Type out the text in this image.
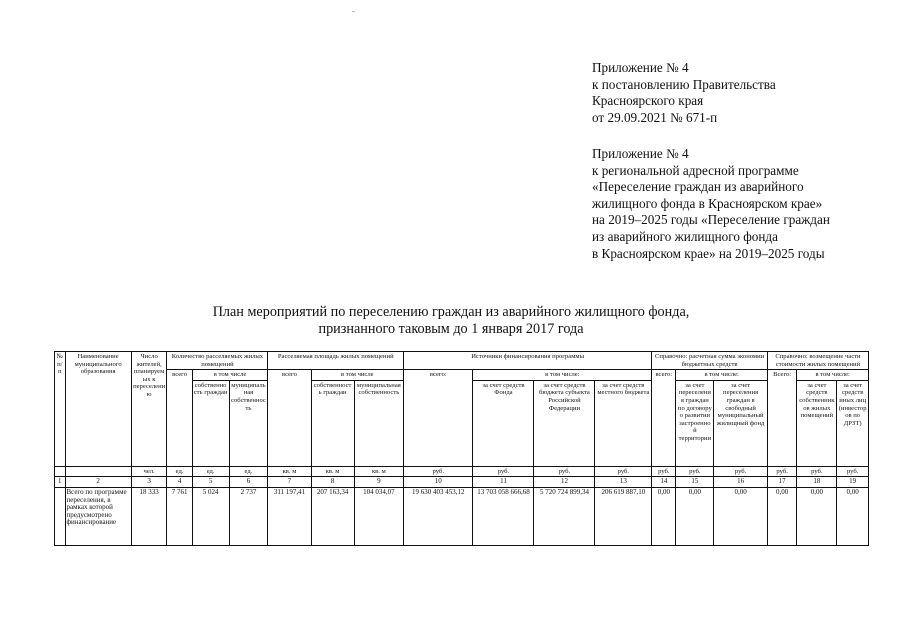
Приложение № 4
к постановлению Правительства
Красноярского края
от 29.09.2021 № 671-п
Приложение № 4
к региональной адресной программе
«Переселение граждан из аварийного
жилищного фонда в Красноярском крае»
на 2019–2025 годы «Переселение граждан
из аварийного жилищного фонда
в Красноярском крае» на 2019–2025 годы
План мероприятий по переселению граждан из аварийного жилищного фонда,
признанного таковым до 1 января 2017 года
№ п/п	Наименование муниципального образования	Число жителей, планируемых к переселению	Количество расселяемых жилых помещений			Расселяемая площадь жилых помещений			Источники финансирования программы				Справочно: расчетная сумма экономии бюджетных средств			Справочно: возмещение части стоимости жилых помещений		
			всего	в том числе		всего	в том числе		всего:	в том числе:			всего:	в том числе:		Всего:	в том числе:	
				собственность граждан	муниципальная собственность		собственность граждан	муниципальная собственность		за счет средств Фонда	за счет средств бюджета субъекта Российской Федерации	за счет средств местного бюджета		за счет переселения граждан по договору о развитии застроенной территории	за счет переселения граждан в свободный муниципальный жилищный фонд		за счет средств собственников жилых помещений	за счет средств иных лиц (инвесторов по ДРЗТ)
		чел.	ед.	ед.	ед.	кв. м	кв. м	кв. м	руб.	руб.	руб.	руб.	руб.	руб.	руб.	руб.	руб.	руб.
1	2	3	4	5	6	7	8	9	10	11	12	13	14	15	16	17	18	19
	Всего по программе переселения, в рамках которой предусмотрено финансирование	18 333	7 761	5 024	2 737	311 197,41	207 163,34	104 034,07	19 630 403 453,12	13 703 058 666,68	5 720 724 899,34	206 619 887,10	0,00	0,00	0,00	0,00	0,00	0,00
